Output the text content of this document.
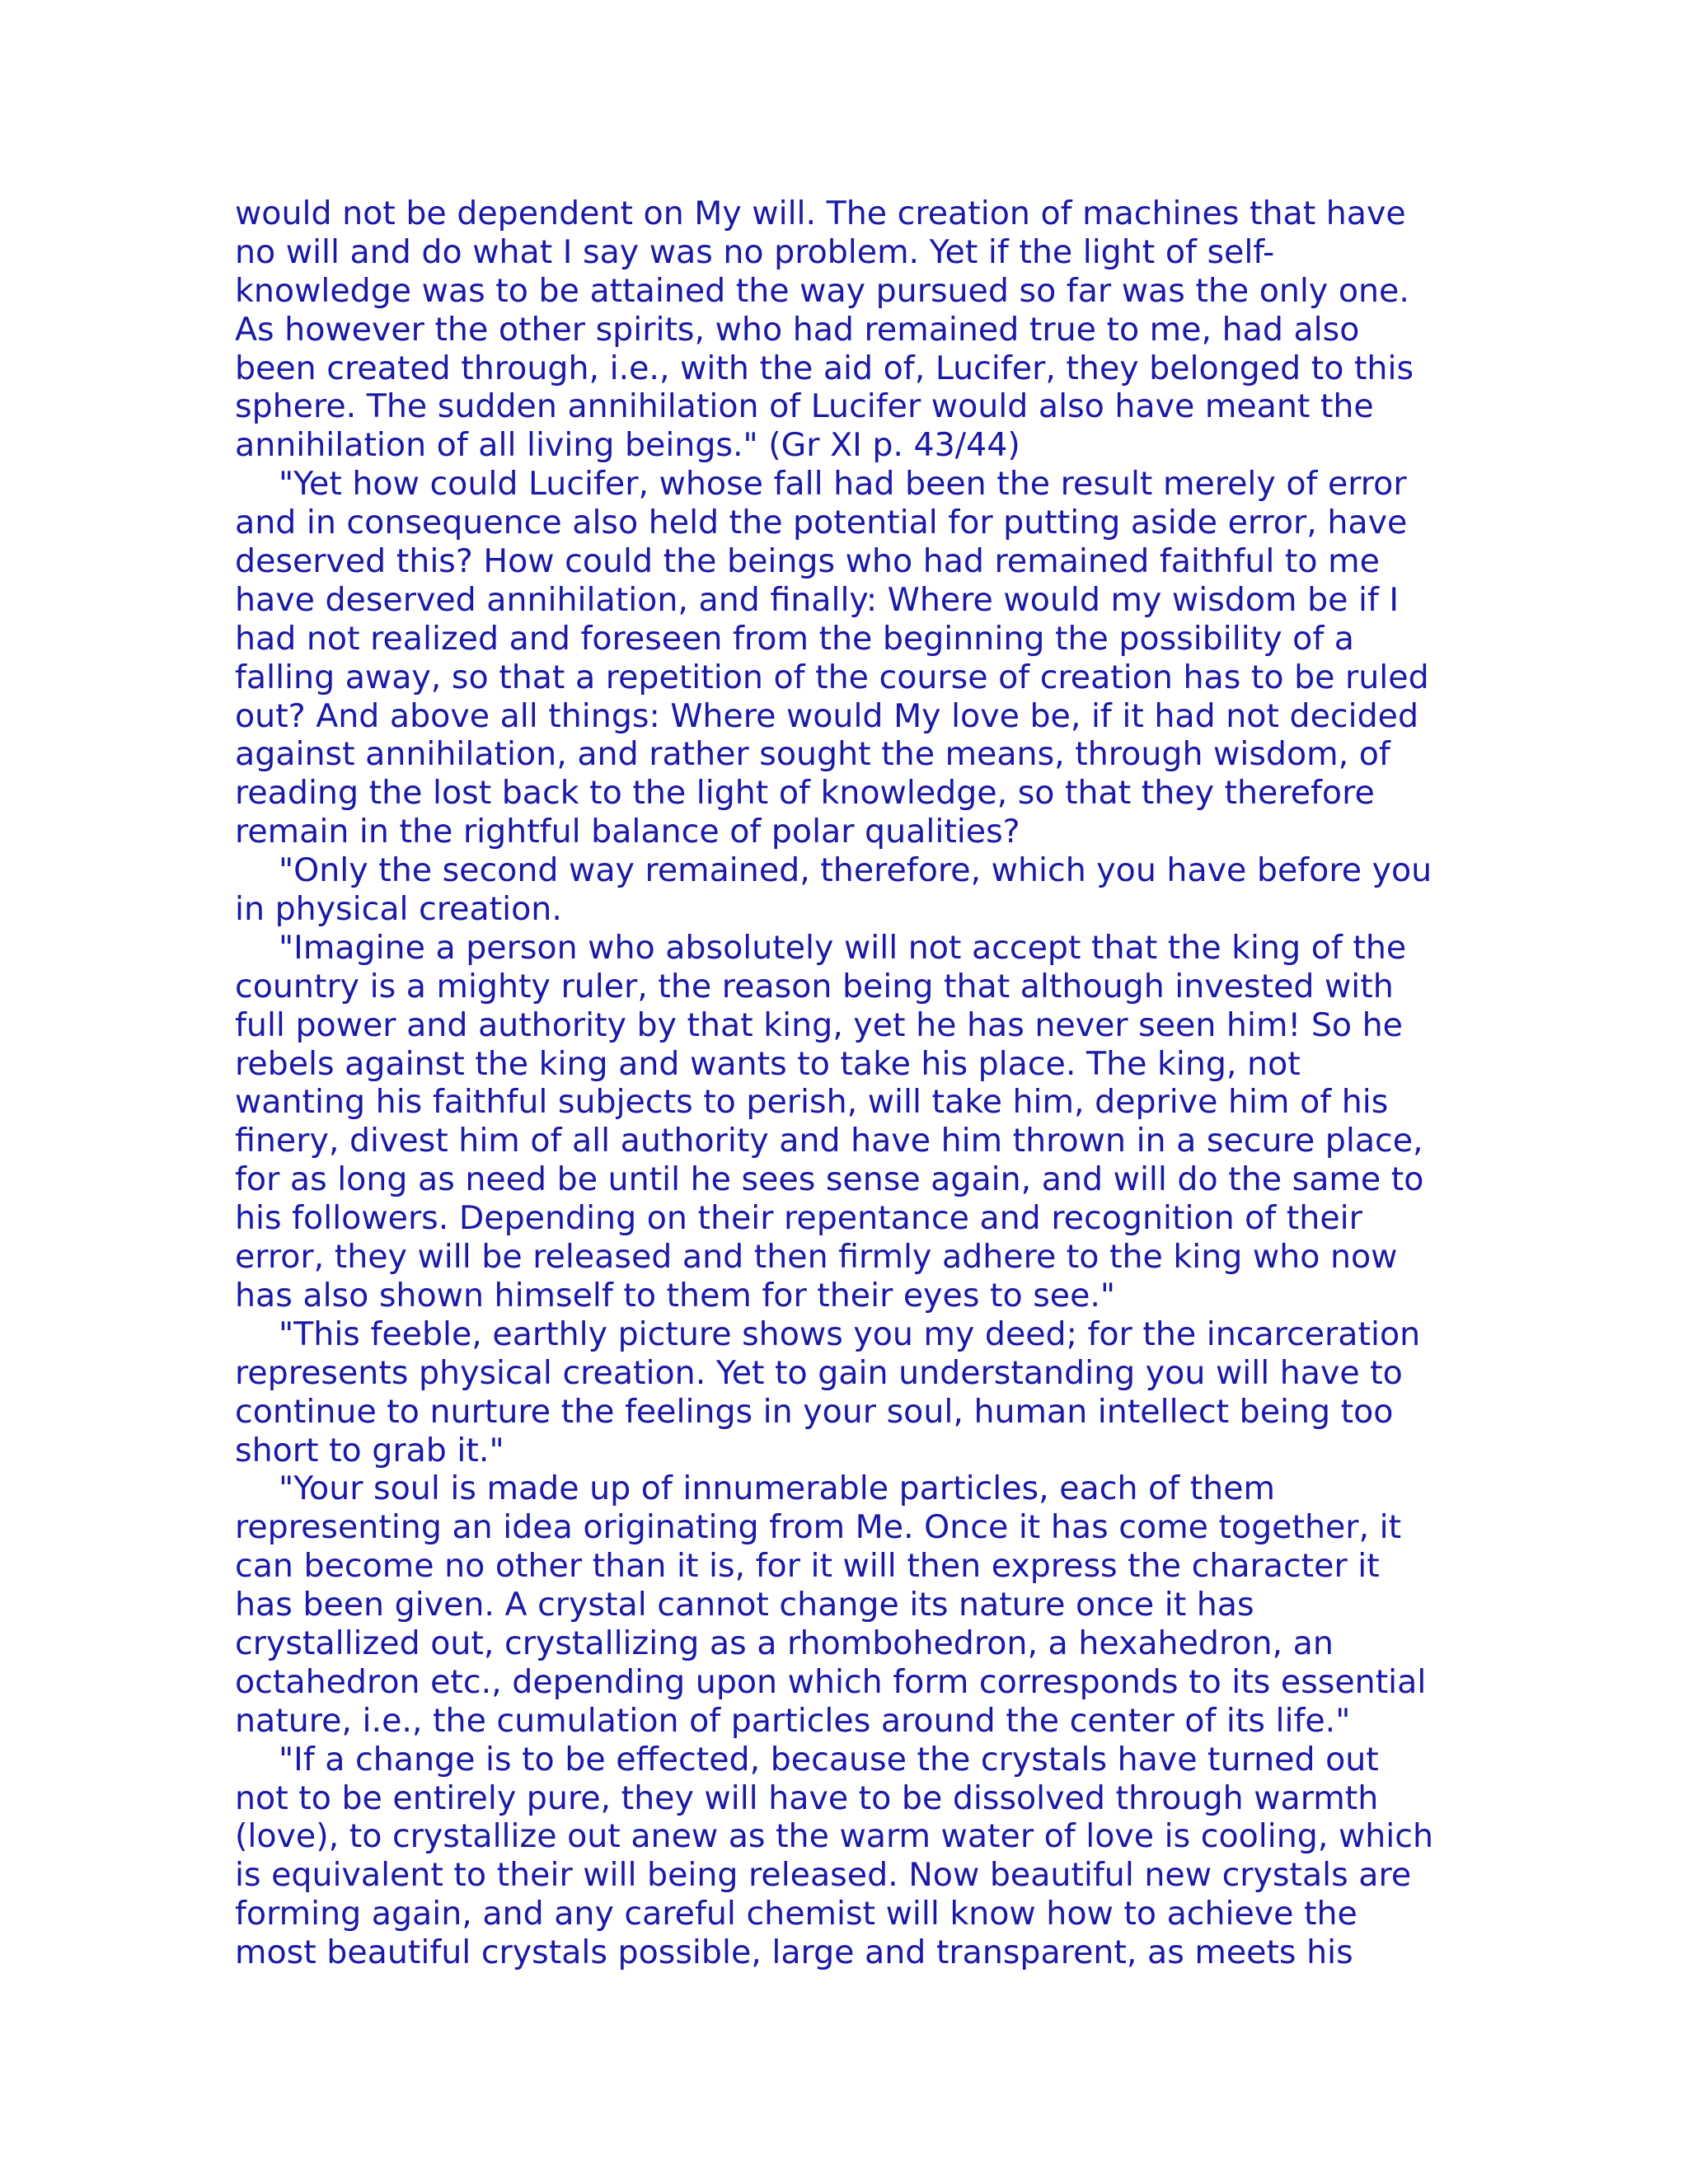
would not be dependent on My will. The creation of machines that have
no will and do what I say was no problem. Yet if the light of self-
knowledge was to be attained the way pursued so far was the only one.
As however the other spirits, who had remained true to me, had also
been created through, i.e., with the aid of, Lucifer, they belonged to this
sphere. The sudden annihilation of Lucifer would also have meant the
annihilation of all living beings." (Gr XI p. 43/44)
"Yet how could Lucifer, whose fall had been the result merely of error
and in consequence also held the potential for putting aside error, have
deserved this? How could the beings who had remained faithful to me
have deserved annihilation, and finally: Where would my wisdom be if I
had not realized and foreseen from the beginning the possibility of a
falling away, so that a repetition of the course of creation has to be ruled
out? And above all things: Where would My love be, if it had not decided
against annihilation, and rather sought the means, through wisdom, of
reading the lost back to the light of knowledge, so that they therefore
remain in the rightful balance of polar qualities?
"Only the second way remained, therefore, which you have before you
in physical creation.
"Imagine a person who absolutely will not accept that the king of the
country is a mighty ruler, the reason being that although invested with
full power and authority by that king, yet he has never seen him! So he
rebels against the king and wants to take his place. The king, not
wanting his faithful subjects to perish, will take him, deprive him of his
finery, divest him of all authority and have him thrown in a secure place,
for as long as need be until he sees sense again, and will do the same to
his followers. Depending on their repentance and recognition of their
error, they will be released and then firmly adhere to the king who now
has also shown himself to them for their eyes to see."
"This feeble, earthly picture shows you my deed; for the incarceration
represents physical creation. Yet to gain understanding you will have to
continue to nurture the feelings in your soul, human intellect being too
short to grab it."
"Your soul is made up of innumerable particles, each of them
representing an idea originating from Me. Once it has come together, it
can become no other than it is, for it will then express the character it
has been given. A crystal cannot change its nature once it has
crystallized out, crystallizing as a rhombohedron, a hexahedron, an
octahedron etc., depending upon which form corresponds to its essential
nature, i.e., the cumulation of particles around the center of its life."
"If a change is to be effected, because the crystals have turned out
not to be entirely pure, they will have to be dissolved through warmth
(love), to crystallize out anew as the warm water of love is cooling, which
is equivalent to their will being released. Now beautiful new crystals are
forming again, and any careful chemist will know how to achieve the
most beautiful crystals possible, large and transparent, as meets his
